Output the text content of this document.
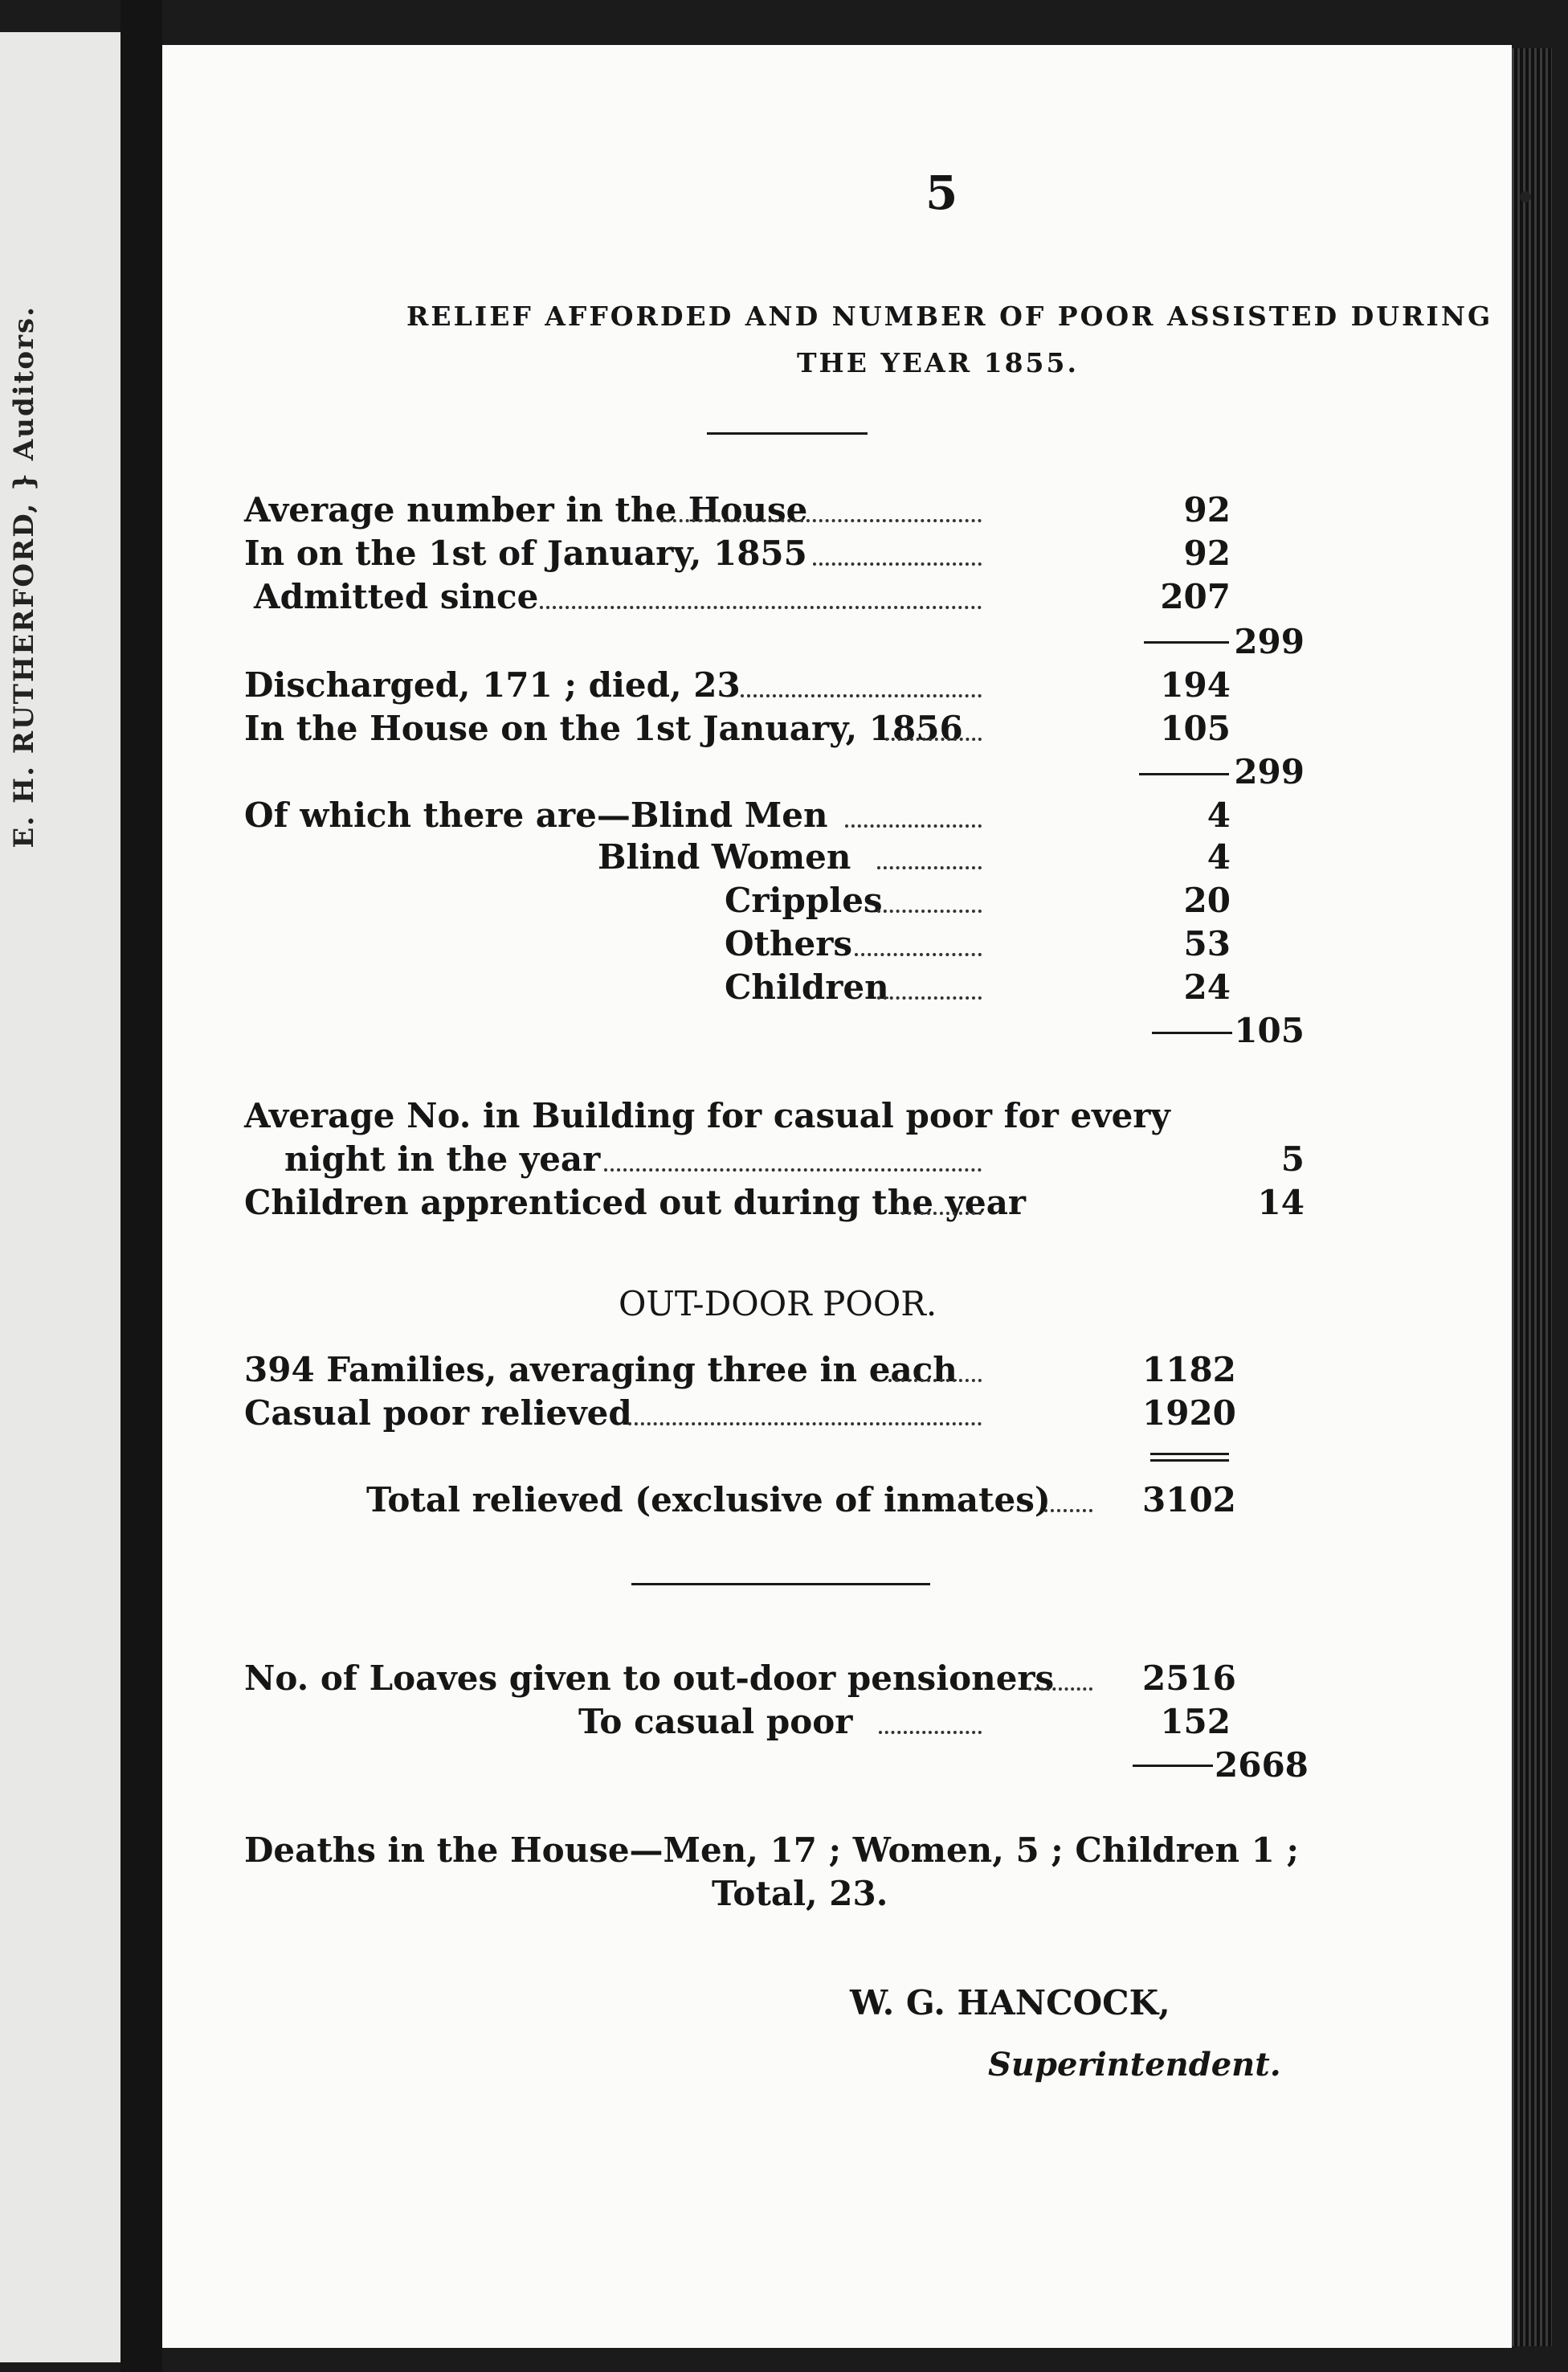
E. H. RUTHERFORD, } Auditors.
5
RELIEF AFFORDED AND NUMBER OF POOR ASSISTED DURING
THE YEAR 1855.
Average number in the House	92
In on the 1st of January, 1855	92
Admitted since	207
299
Discharged, 171 ; died, 23	194
In the House on the 1st January, 1856	105
299
Of which there are—Blind Men	4
Blind Women	4
Cripples	20
Others	53
Children	24
105
Average No. in Building for casual poor for every
night in the year	5
Children apprenticed out during the year	14
OUT-DOOR POOR.
394 Families, averaging three in each	1182
Casual poor relieved	1920
Total relieved (exclusive of inmates)	3102
No. of Loaves given to out-door pensioners	2516
To casual poor	152
2668
Deaths in the House—Men, 17 ; Women, 5 ; Children 1 ;
Total, 23.
W. G. HANCOCK,
Superintendent.
